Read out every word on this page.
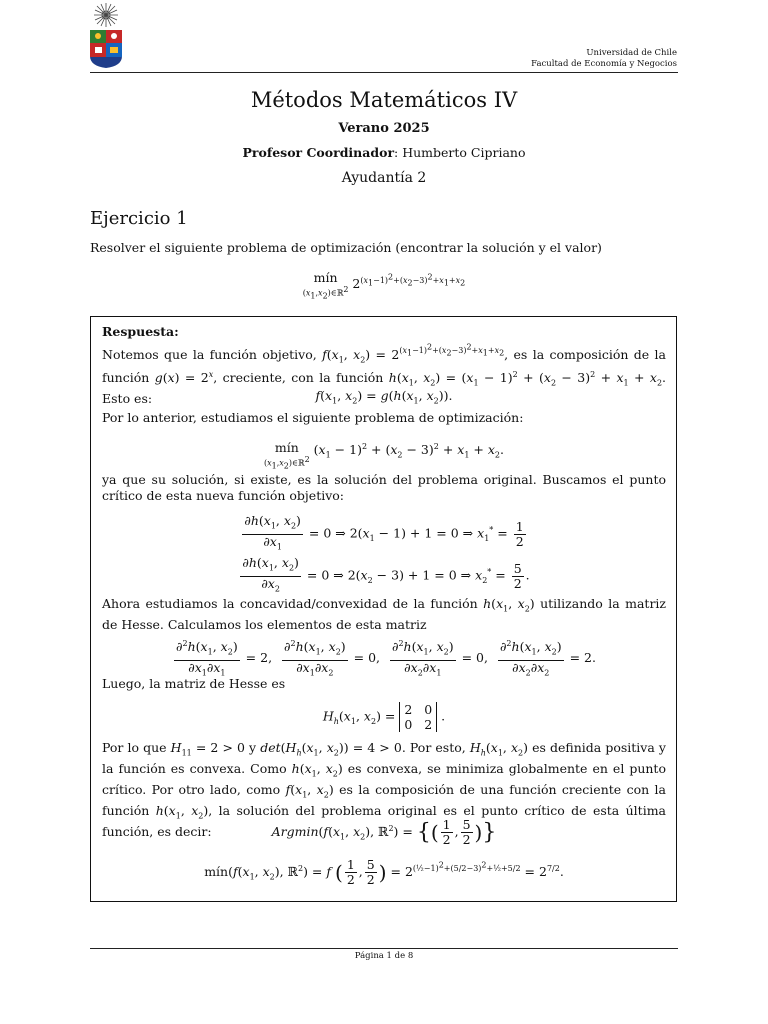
Universidad de Chile
Facultad de Economía y Negocios
Métodos Matemáticos IV
Verano 2025
Profesor Coordinador: Humberto Cipriano
Ayudantía 2
Ejercicio 1
Resolver el siguiente problema de optimización (encontrar la solución y el valor)
mín
$(x_1,x_2)\in ℝ^2$ $2^{(x_1-1)^2+(x_2-3)^2+x_1+x_2}$
Respuesta:
Notemos que la función objetivo, $f(x_1$, $x_2) = 2^{(x_1-1)^2+(x_2-3)^2+x_1+x_2}$, es la composición de la función $g(x) = 2^x$, creciente, con la función $h(x_1$, $x_2) = (x_1 - 1)^2 + (x_2 - 3)^2 + x_1 + x_2$. Esto es:	$f(x_1$, $x_2) = g(h(x_1$, $x_2$)).
Por lo anterior, estudiamos el siguiente problema de optimización:
mín
$(x_1,x_2)\in ℝ^2$
$(x_1 - 1)^2 + (x_2 - 3)^2 + x_1 + x_2$.
ya que su solución, si existe, es la solución del problema original. Buscamos el punto crítico de esta nueva función objetivo:
$\frac{\partial h(x_1, x_2)}{\partial x_1} = 0$ ⇒ $2(x_1 - 1) + 1 = 0$ ⇒ $x_1^* = \frac{1}{2}$
$\frac{\partial h(x_1, x_2)}{\partial x_2} = 0$ ⇒ $2(x_2 - 3) + 1 = 0$ ⇒ $x_2^* = \frac{5}{2}$ .
Ahora estudiamos la concavidad/convexidad de la función $h(x_1$, $x_2$) utilizando la matriz de Hesse. Calculamos los elementos de esta matriz
$\frac{\partial^2h(x_1, x_2)}{\partial x_1\partial x_1} = 2$, $\frac{\partial^2h(x_1, x_2)}{\partial x_1\partial x_2} = 0$, $\frac{\partial^2h(x_1, x_2)}{\partial x_2\partial x_1} = 0$, $\frac{\partial^2h(x_1, x_2)}{\partial x_2\partial x_2} = 2$.
Luego, la matriz de Hesse es
$H_h(x_1$, $x_2) = 2$   0
0   2 .
Por lo que $H_{11} = 2 > 0$ y $\det(H_h(x_1$, $x_2)) = 4 > 0$. Por esto, $H_h(x_1$, $x_2$) es definida positiva y la función es convexa. Como $h(x_1$, $x_2$) es convexa, se minimiza globalmente en el punto crítico. Por otro lado, como $f(x_1$, $x_2$) es la composición de una función creciente con la función $h(x_1$, $x_2$), la solución del problema original es el punto crítico de esta última función, es decir:	$Argmin(f(x_1$, $x_2$), ℝ$^2$) = {( $\frac{1}{2}$ , $\frac{5}{2}$ )}
$mín(f(x_1$, $x_2$), ℝ$^2$) = f ( $\frac{1}{2}$ , $\frac{5}{2}$ ) = $2^{(\frac{1}{2}-1)^2+(5/2-3)^2+\frac{1}{2}+5/2} = 2^{7/2}$.
Página 1 de 8
